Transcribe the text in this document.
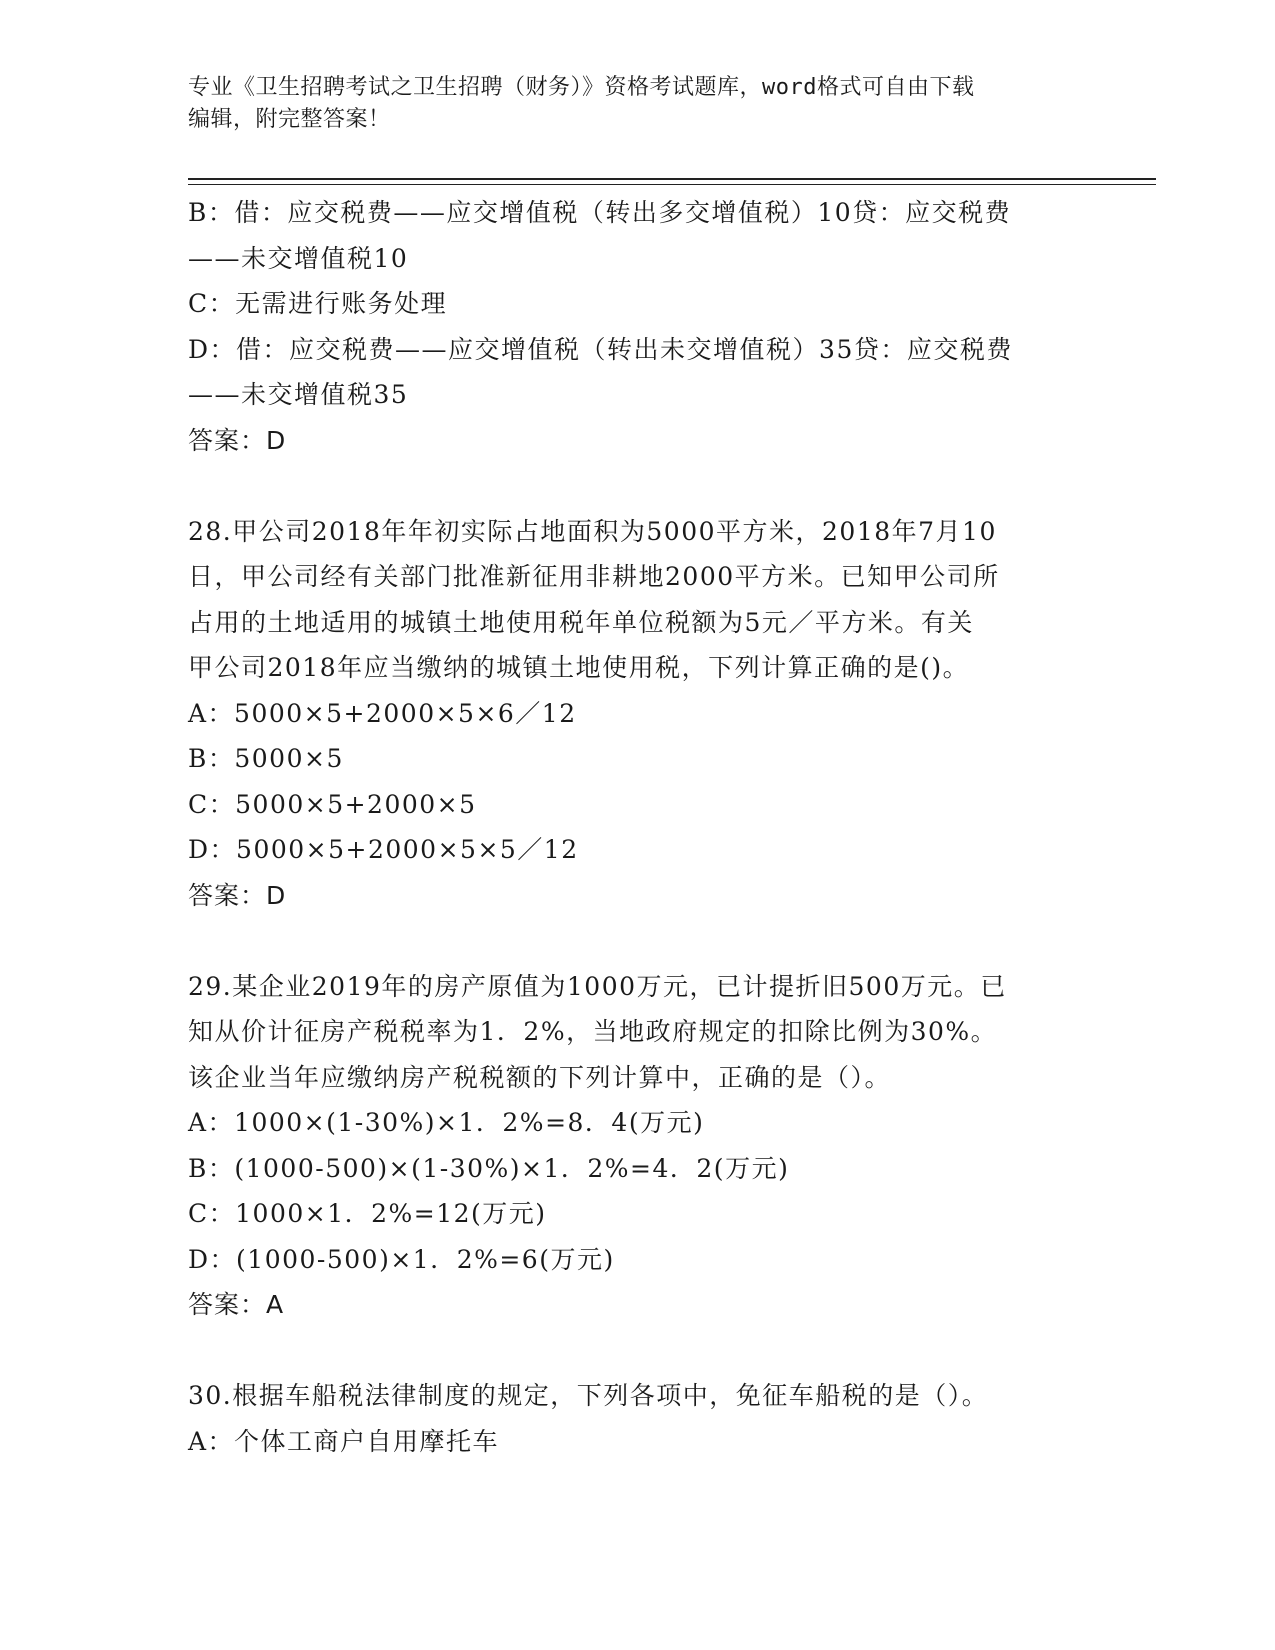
专业《卫生招聘考试之卫生招聘（财务）》资格考试题库，word格式可自由下载
编辑，附完整答案！
B：借：应交税费——应交增值税（转出多交增值税）10贷：应交税费
——未交增值税10
C：无需进行账务处理
D：借：应交税费——应交增值税（转出未交增值税）35贷：应交税费
——未交增值税35
答案：D
28.甲公司2018年年初实际占地面积为5000平方米，2018年7月10
日，甲公司经有关部门批准新征用非耕地2000平方米。已知甲公司所
占用的土地适用的城镇土地使用税年单位税额为5元／平方米。有关
甲公司2018年应当缴纳的城镇土地使用税，下列计算正确的是()。
A：5000×5+2000×5×6／12
B：5000×5
C：5000×5+2000×5
D：5000×5+2000×5×5／12
答案：D
29.某企业2019年的房产原值为1000万元，已计提折旧500万元。已
知从价计征房产税税率为1．2%，当地政府规定的扣除比例为30%。
该企业当年应缴纳房产税税额的下列计算中，正确的是（）。
A：1000×(1-30%)×1．2%=8．4(万元)
B：(1000-500)×(1-30%)×1．2%=4．2(万元)
C：1000×1．2%=12(万元)
D：(1000-500)×1．2%=6(万元)
答案：A
30.根据车船税法律制度的规定，下列各项中，免征车船税的是（）。
A：个体工商户自用摩托车
